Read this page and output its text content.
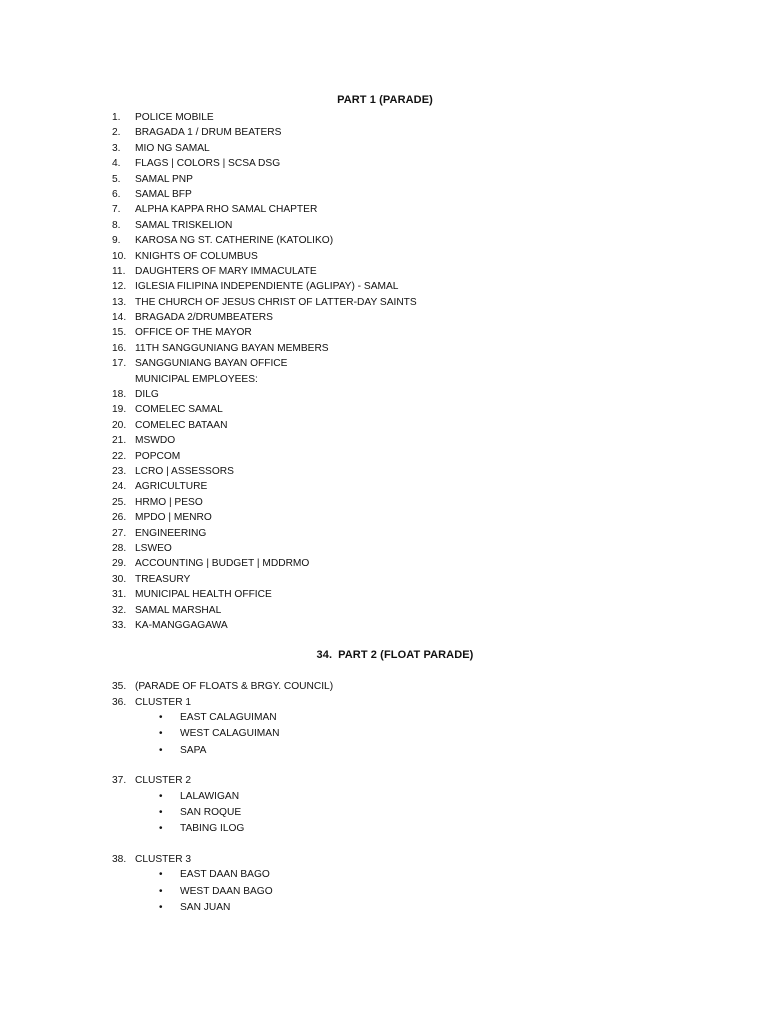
PART 1 (PARADE)
1. POLICE MOBILE
2. BRAGADA 1 / DRUM BEATERS
3. MIO NG SAMAL
4. FLAGS | COLORS | SCSA DSG
5. SAMAL PNP
6. SAMAL BFP
7. ALPHA KAPPA RHO SAMAL CHAPTER
8. SAMAL TRISKELION
9. KAROSA NG ST. CATHERINE (KATOLIKO)
10. KNIGHTS OF COLUMBUS
11. DAUGHTERS OF MARY IMMACULATE
12. IGLESIA FILIPINA INDEPENDIENTE (AGLIPAY) - SAMAL
13. THE CHURCH OF JESUS CHRIST OF LATTER-DAY SAINTS
14. BRAGADA 2/DRUMBEATERS
15. OFFICE OF THE MAYOR
16. 11TH SANGGUNIANG BAYAN MEMBERS
17. SANGGUNIANG BAYAN OFFICE
MUNICIPAL EMPLOYEES:
18. DILG
19. COMELEC SAMAL
20. COMELEC BATAAN
21. MSWDO
22. POPCOM
23. LCRO | ASSESSORS
24. AGRICULTURE
25. HRMO | PESO
26. MPDO | MENRO
27. ENGINEERING
28. LSWEO
29. ACCOUNTING | BUDGET | MDDRMO
30. TREASURY
31. MUNICIPAL HEALTH OFFICE
32. SAMAL MARSHAL
33. KA-MANGGAGAWA
34. PART 2 (FLOAT PARADE)
35. (PARADE OF FLOATS & BRGY. COUNCIL)
36. CLUSTER 1
• EAST CALAGUIMAN
• WEST CALAGUIMAN
• SAPA
37. CLUSTER 2
• LALAWIGAN
• SAN ROQUE
• TABING ILOG
38. CLUSTER 3
• EAST DAAN BAGO
• WEST DAAN BAGO
• SAN JUAN
